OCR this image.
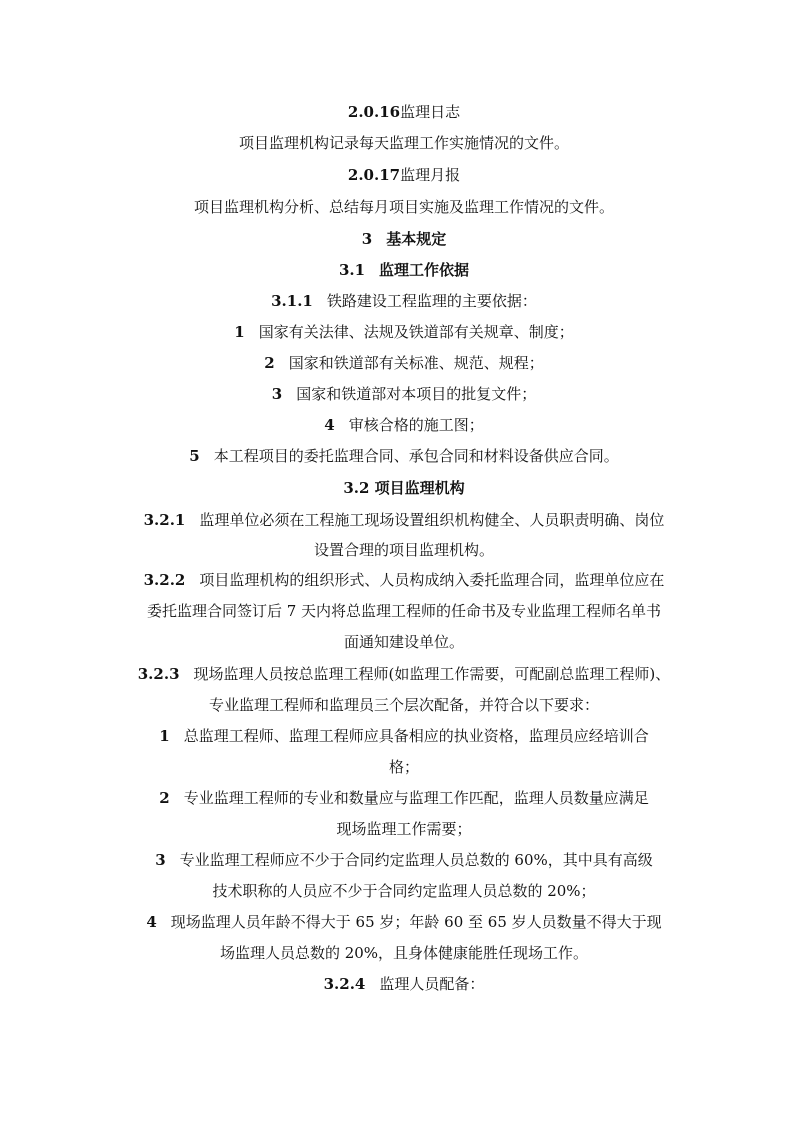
2.0.16监理日志
项目监理机构记录每天监理工作实施情况的文件。
2.0.17监理月报
项目监理机构分析、总结每月项目实施及监理工作情况的文件。
3 基本规定
3.1 监理工作依据
3.1.1 铁路建设工程监理的主要依据：
1 国家有关法律、法规及铁道部有关规章、制度；
2 国家和铁道部有关标准、规范、规程；
3 国家和铁道部对本项目的批复文件；
4 审核合格的施工图；
5 本工程项目的委托监理合同、承包合同和材料设备供应合同。
3.2 项目监理机构
3.2.1 监理单位必须在工程施工现场设置组织机构健全、人员职责明确、岗位
设置合理的项目监理机构。
3.2.2 项目监理机构的组织形式、人员构成纳入委托监理合同，监理单位应在
委托监理合同签订后 7 天内将总监理工程师的任命书及专业监理工程师名单书
面通知建设单位。
3.2.3 现场监理人员按总监理工程师(如监理工作需要，可配副总监理工程师)、
专业监理工程师和监理员三个层次配备，并符合以下要求：
1 总监理工程师、监理工程师应具备相应的执业资格，监理员应经培训合
格；
2 专业监理工程师的专业和数量应与监理工作匹配，监理人员数量应满足
现场监理工作需要；
3 专业监理工程师应不少于合同约定监理人员总数的 60%，其中具有高级
技术职称的人员应不少于合同约定监理人员总数的 20%；
4 现场监理人员年龄不得大于 65 岁；年龄 60 至 65 岁人员数量不得大于现
场监理人员总数的 20%，且身体健康能胜任现场工作。
3.2.4 监理人员配备：
